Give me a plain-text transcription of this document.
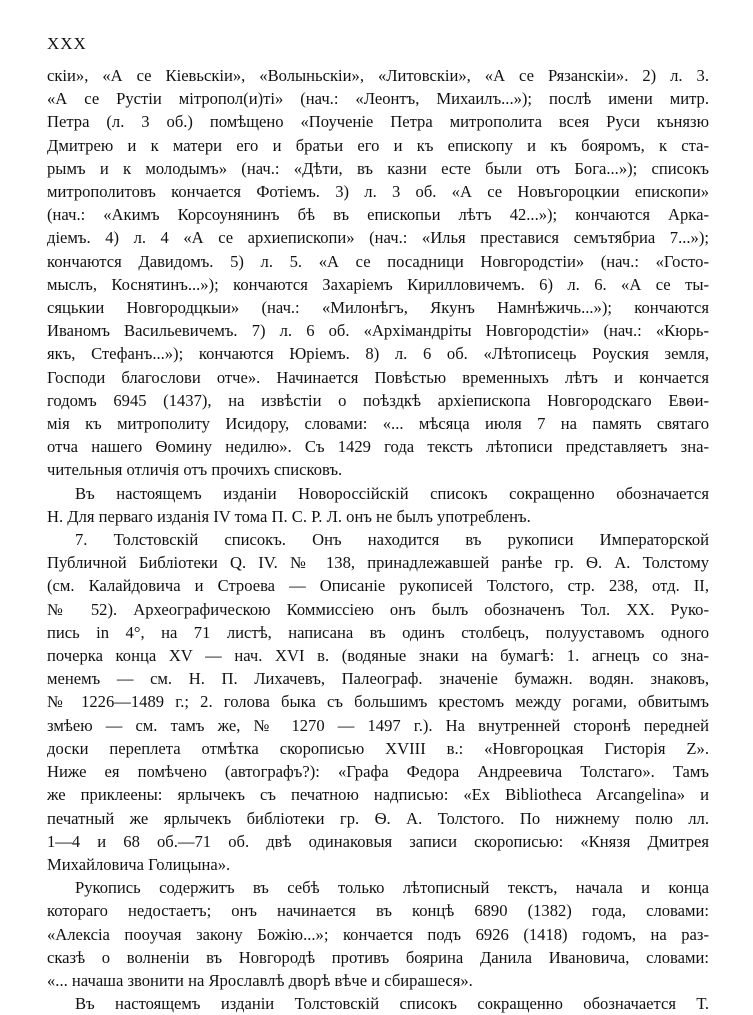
XXX
скiи», «А се Кiевьскiи», «Волыньскiи», «Литовскiи», «А се Рязанскiи». 2) л. 3.
«А се Рустiи мiтропол(и)тi» (нач.: «Леонтъ, Михаилъ...»); послѣ имени митр.
Петра (л. 3 об.) помѣщено «Поученiе Петра митрополита всея Руси кънязю
Дмитрею и к матери его и братьи его и къ епископу и къ бояромъ, к ста-
рымъ и к молодымъ» (нач.: «Дѣти, въ казни есте были отъ Бога...»); списокъ
митрополитовъ кончается Фотiемъ. 3) л. 3 об. «А се Новъгороцкии епископи»
(нач.: «Акимъ Корсоунянинъ бѣ въ епископьи лѣтъ 42...»); кончаются Арка-
дiемъ. 4) л. 4 «А се архиепископи» (нач.: «Илья преставися семътябриа 7...»);
кончаются Давидомъ. 5) л. 5. «А се посадници Новгородстiи» (нач.: «Госто-
мыслъ, Коснятинъ...»); кончаются Захарiемъ Кирилловичемъ. 6) л. 6. «А се ты-
сяцькии Новгородцкыи» (нач.: «Милонѣгъ, Якунъ Намнѣжичь...»); кончаются
Иваномъ Васильевичемъ. 7) л. 6 об. «Архiмандрiты Новгородстiи» (нач.: «Кюрь-
якъ, Стефанъ...»); кончаются Юрiемъ. 8) л. 6 об. «Лѣтописець Роуския земля,
Господи благослови отче». Начинается Повѣстью временныхъ лѣтъ и кончается
годомъ 6945 (1437), на извѣстiи о поѣздкѣ архiепископа Новгородскаго Евѳи-
мiя къ митрополиту Исидору, словами: «... мѣсяца июля 7 на память святаго
отча нашего Ѳомину недилю». Съ 1429 года текстъ лѣтописи представляетъ зна-
чительныя отличiя отъ прочихъ списковъ.
Въ настоящемъ изданiи Новороссiйскiй списокъ сокращенно обозначается
Н. Для перваго изданiя IV тома П. С. Р. Л. онъ не былъ употребленъ.
7. Толстовскiй списокъ. Онъ находится въ рукописи Императорской
Публичной Библiотеки Q. IV. № 138, принадлежавшей ранѣе гр. Ѳ. А. Толстому
(см. Калайдовича и Строева — Описанiе рукописей Толстого, стр. 238, отд. II,
№ 52). Археографическою Коммиссiею онъ былъ обозначенъ Тол. XX. Руко-
пись in 4°, на 71 листѣ, написана въ одинъ столбецъ, полууставомъ одного
почерка конца XV — нач. XVI в. (водяные знаки на бумагѣ: 1. агнецъ со зна-
менемъ — см. Н. П. Лихачевъ, Палеограф. значенiе бумажн. водян. знаковъ,
№ 1226—1489 г.; 2. голова быка съ большимъ крестомъ между рогами, обвитымъ
змѣею — см. тамъ же, № 1270 — 1497 г.). На внутренней сторонѣ передней
доски переплета отмѣтка скорописью XVIII в.: «Новгороцкая Гисторiя Z».
Ниже ея помѣчено (автографъ?): «Графа Федора Андреевича Толстаго». Тамъ
же приклеены: ярлычекъ съ печатною надписью: «Ex Bibliotheca Arcangelina» и
печатный же ярлычекъ библiотеки гр. Ѳ. А. Толстого. По нижнему полю лл.
1—4 и 68 об.—71 об. двѣ одинаковыя записи скорописью: «Князя Дмитрея
Михайловича Голицына».
Рукопись содержитъ въ себѣ только лѣтописный текстъ, начала и конца
котораго недостаетъ; онъ начинается въ концѣ 6890 (1382) года, словами:
«Алексiа поoучая закону Божiю...»; кончается подъ 6926 (1418) годомъ, на раз-
сказѣ о волненiи въ Новгородѣ противъ боярина Данила Ивановича, словами:
«... начаша звонити на Ярославлѣ дворѣ вѣче и сбирашеся».
Въ настоящемъ изданiи Толстовскiй списокъ сокращенно обозначается Т.
